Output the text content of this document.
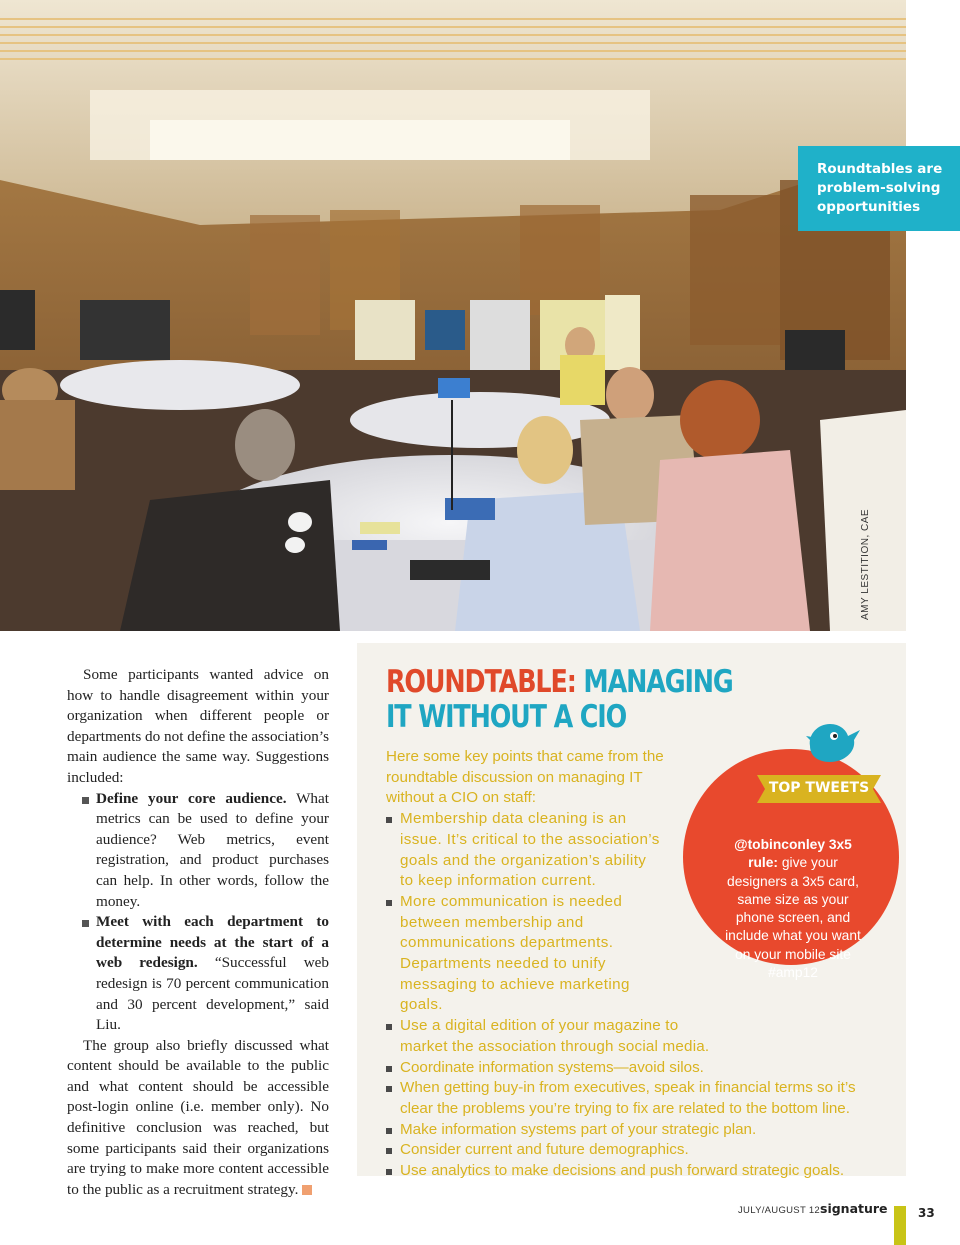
Roundtables are problem-solving opportunities
AMY LESTITION, CAE

Some participants wanted advice on how to handle disagreement within your organization when different people or departments do not define the association’s main audience the same way. Suggestions included:

Define your core audience. What metrics can be used to define your audience? Web metrics, event registration, and product purchases can help. In other words, follow the money.
Meet with each department to determine needs at the start of a web redesign. “Successful web redesign is 70 percent communication and 30 percent development,” said Liu.

The group also briefly discussed what content should be available to the public and what content should be accessible post-login online (i.e. member only). No definitive conclusion was reached, but some participants said their organizations are trying to make more content accessible to the public as a recruitment strategy.

ROUNDTABLE: MANAGING
IT WITHOUT A CIO

Here some key points that came from the roundtable discussion on managing IT without a CIO on staff:

Membership data cleaning is an issue. It’s critical to the association’s goals and the organization’s ability to keep information current.
More communication is needed between membership and communications departments. Departments needed to unify messaging to achieve marketing goals.
Use a digital edition of your magazine to market the association through social media.
Coordinate information systems—avoid silos.
When getting buy-in from executives, speak in financial terms so it’s clear the problems you’re trying to fix are related to the bottom line.
Make information systems part of your strategic plan.
Consider current and future demographics.
Use analytics to make decisions and push forward strategic goals.
TOP TWEETS
@tobinconley 3x5 rule: give your designers a 3x5 card, same size as your phone screen, and include what you want on your mobile site #amp12
JULY/AUGUST 12 signature	33
